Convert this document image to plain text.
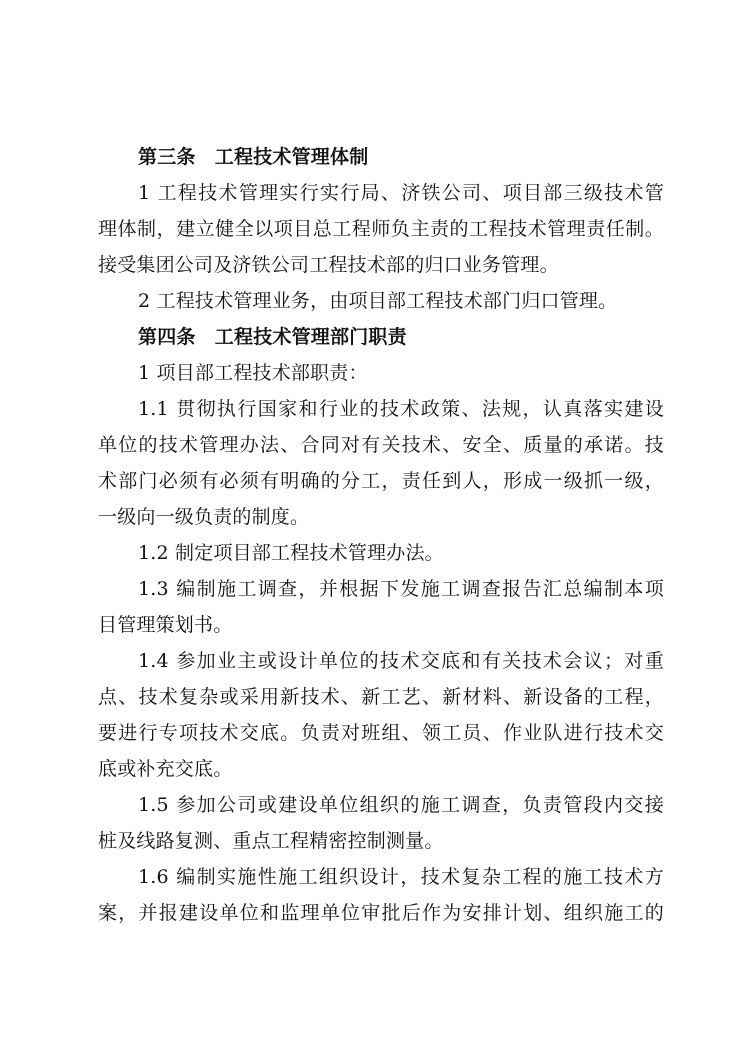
第三条　工程技术管理体制
1 工程技术管理实行实行局、济铁公司、项目部三级技术管
理体制，建立健全以项目总工程师负主责的工程技术管理责任制。
接受集团公司及济铁公司工程技术部的归口业务管理。
2 工程技术管理业务，由项目部工程技术部门归口管理。
第四条　工程技术管理部门职责
1 项目部工程技术部职责：
1.1 贯彻执行国家和行业的技术政策、法规，认真落实建设
单位的技术管理办法、合同对有关技术、安全、质量的承诺。技
术部门必须有必须有明确的分工，责任到人，形成一级抓一级，
一级向一级负责的制度。
1.2 制定项目部工程技术管理办法。
1.3 编制施工调查，并根据下发施工调查报告汇总编制本项
目管理策划书。
1.4 参加业主或设计单位的技术交底和有关技术会议；对重
点、技术复杂或采用新技术、新工艺、新材料、新设备的工程，
要进行专项技术交底。负责对班组、领工员、作业队进行技术交
底或补充交底。
1.5 参加公司或建设单位组织的施工调查，负责管段内交接
桩及线路复测、重点工程精密控制测量。
1.6 编制实施性施工组织设计，技术复杂工程的施工技术方
案，并报建设单位和监理单位审批后作为安排计划、组织施工的
